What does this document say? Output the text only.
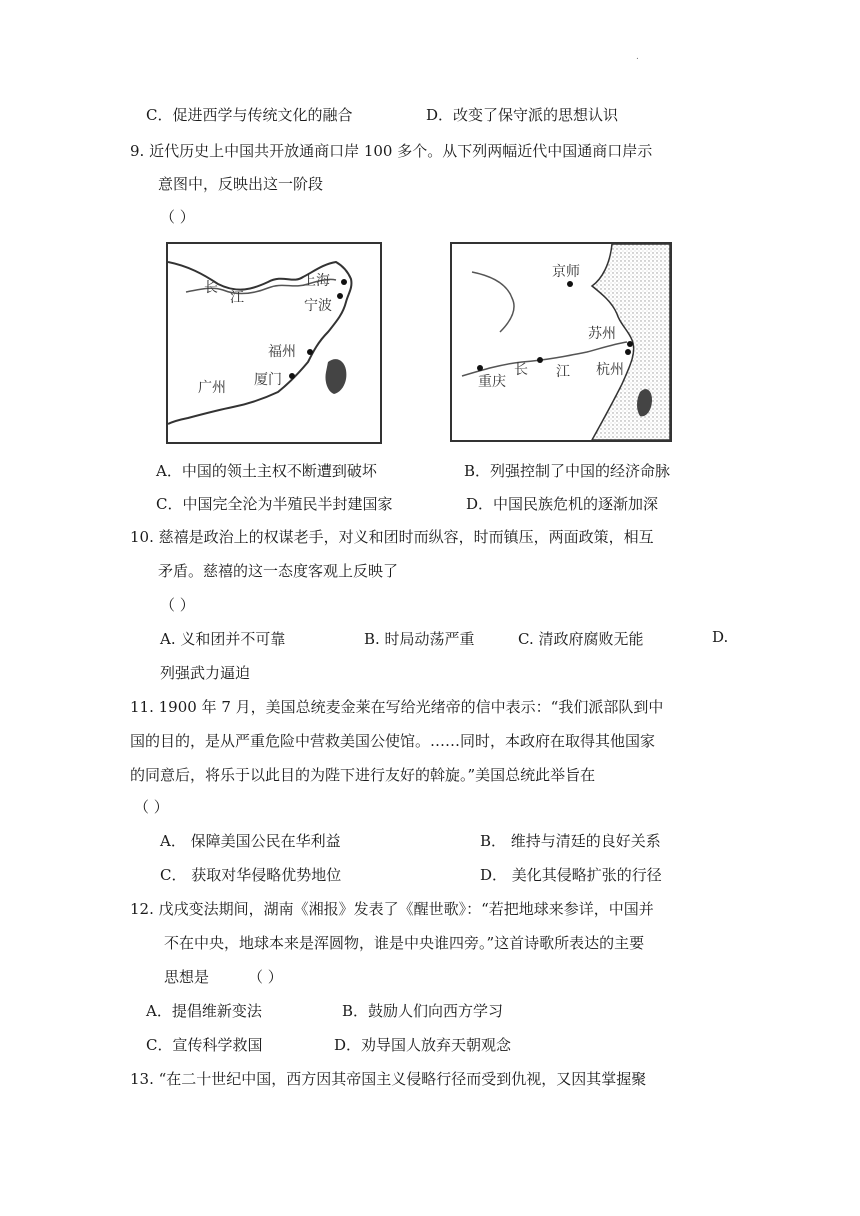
.
C．促进西学与传统文化的融合	D．改变了保守派的思想认识
9. 近代历史上中国共开放通商口岸 100 多个。从下列两幅近代中国通商口岸示
意图中，反映出这一阶段
（ ）
长
江
上海
宁波
福州
厦门
广州
京师
苏州
重庆
长 江 杭州
A．中国的领土主权不断遭到破坏	B．列强控制了中国的经济命脉
C．中国完全沦为半殖民半封建国家	D．中国民族危机的逐渐加深
10. 慈禧是政治上的权谋老手，对义和团时而纵容，时而镇压，两面政策，相互
矛盾。慈禧的这一态度客观上反映了
（ ）
A. 义和团并不可靠	B. 时局动荡严重	C. 清政府腐败无能	D.
列强武力逼迫
11. 1900 年 7 月，美国总统麦金莱在写给光绪帝的信中表示：“我们派部队到中
国的目的，是从严重危险中营救美国公使馆。……同时，本政府在取得其他国家
的同意后，将乐于以此目的为陛下进行友好的斡旋。”美国总统此举旨在
（ ）
A． 保障美国公民在华利益	B． 维持与清廷的良好关系
C． 获取对华侵略优势地位	D． 美化其侵略扩张的行径
12. 戊戌变法期间，湖南《湘报》发表了《醒世歌》：“若把地球来参详，中国并
不在中央，地球本来是浑圆物，谁是中央谁四旁。”这首诗歌所表达的主要
思想是	（ ）
A．提倡维新变法	B．鼓励人们向西方学习
C．宣传科学救国	D．劝导国人放弃天朝观念
13. “在二十世纪中国，西方因其帝国主义侵略行径而受到仇视，又因其掌握聚
